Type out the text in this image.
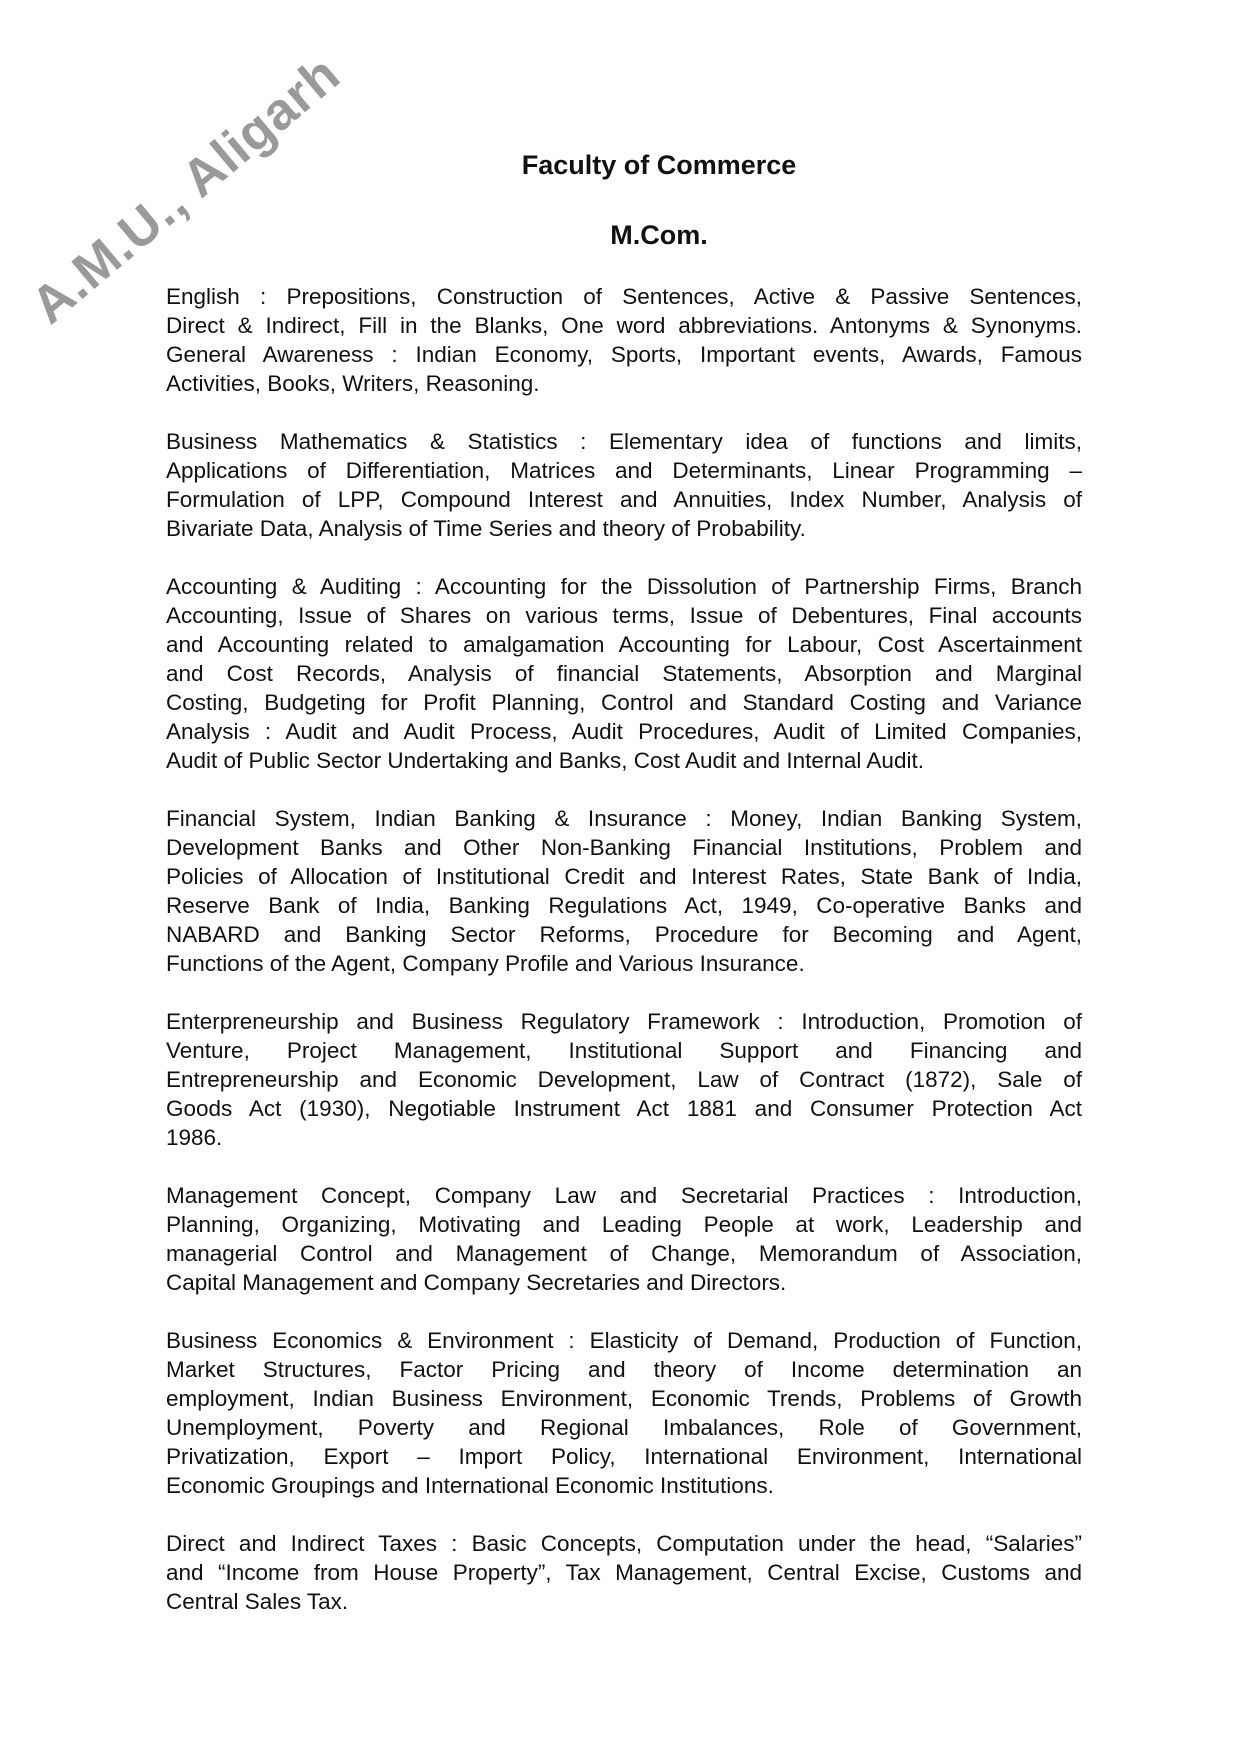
A.M.U., Aligarh	Faculty of Commerce
M.Com.

English : Prepositions, Construction of Sentences, Active & Passive Sentences,
Direct & Indirect, Fill in the Blanks, One word abbreviations. Antonyms & Synonyms.
General Awareness : Indian Economy, Sports, Important events, Awards, Famous
Activities, Books, Writers, Reasoning.

Business Mathematics & Statistics : Elementary idea of functions and limits,
Applications of Differentiation, Matrices and Determinants, Linear Programming –
Formulation of LPP, Compound Interest and Annuities, Index Number, Analysis of
Bivariate Data, Analysis of Time Series and theory of Probability.

Accounting & Auditing : Accounting for the Dissolution of Partnership Firms, Branch
Accounting, Issue of Shares on various terms, Issue of Debentures, Final accounts
and Accounting related to amalgamation Accounting for Labour, Cost Ascertainment
and Cost Records, Analysis of financial Statements, Absorption and Marginal
Costing, Budgeting for Profit Planning, Control and Standard Costing and Variance
Analysis : Audit and Audit Process, Audit Procedures, Audit of Limited Companies,
Audit of Public Sector Undertaking and Banks, Cost Audit and Internal Audit.

Financial System, Indian Banking & Insurance : Money, Indian Banking System,
Development Banks and Other Non-Banking Financial Institutions, Problem and
Policies of Allocation of Institutional Credit and Interest Rates, State Bank of India,
Reserve Bank of India, Banking Regulations Act, 1949, Co-operative Banks and
NABARD and Banking Sector Reforms, Procedure for Becoming and Agent,
Functions of the Agent, Company Profile and Various Insurance.

Enterpreneurship and Business Regulatory Framework : Introduction, Promotion of
Venture, Project Management, Institutional Support and Financing and
Entrepreneurship and Economic Development, Law of Contract (1872), Sale of
Goods Act (1930), Negotiable Instrument Act 1881 and Consumer Protection Act
1986.

Management Concept, Company Law and Secretarial Practices : Introduction,
Planning, Organizing, Motivating and Leading People at work, Leadership and
managerial Control and Management of Change, Memorandum of Association,
Capital Management and Company Secretaries and Directors.

Business Economics & Environment : Elasticity of Demand, Production of Function,
Market Structures, Factor Pricing and theory of Income determination an
employment, Indian Business Environment, Economic Trends, Problems of Growth
Unemployment, Poverty and Regional Imbalances, Role of Government,
Privatization, Export – Import Policy, International Environment, International
Economic Groupings and International Economic Institutions.

Direct and Indirect Taxes : Basic Concepts, Computation under the head, “Salaries”
and “Income from House Property”, Tax Management, Central Excise, Customs and
Central Sales Tax.
